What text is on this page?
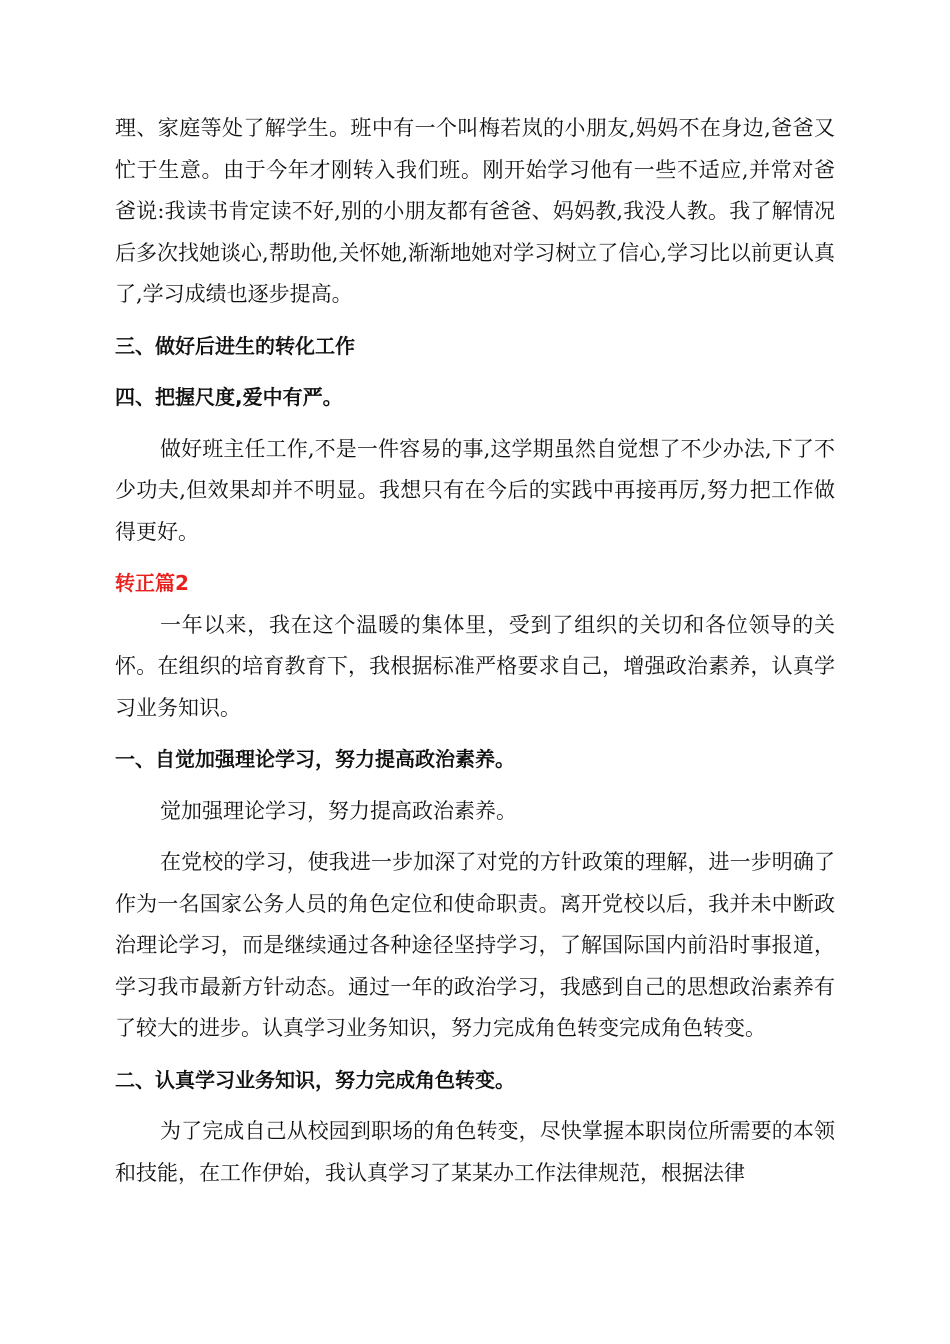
理、家庭等处了解学生。班中有一个叫梅若岚的小朋友,妈妈不在身边,爸爸又忙于生意。由于今年才刚转入我们班。刚开始学习他有一些不适应,并常对爸爸说:我读书肯定读不好,别的小朋友都有爸爸、妈妈教,我没人教。我了解情况后多次找她谈心,帮助他,关怀她,渐渐地她对学习树立了信心,学习比以前更认真了,学习成绩也逐步提高。

三、做好后进生的转化工作

四、把握尺度,爱中有严。

做好班主任工作,不是一件容易的事,这学期虽然自觉想了不少办法,下了不少功夫,但效果却并不明显。我想只有在今后的实践中再接再厉,努力把工作做得更好。

转正篇2

一年以来，我在这个温暖的集体里，受到了组织的关切和各位领导的关怀。在组织的培育教育下，我根据标准严格要求自己，增强政治素养，认真学习业务知识。

一、自觉加强理论学习，努力提高政治素养。

觉加强理论学习，努力提高政治素养。

在党校的学习，使我进一步加深了对党的方针政策的理解，进一步明确了作为一名国家公务人员的角色定位和使命职责。离开党校以后，我并未中断政治理论学习，而是继续通过各种途径坚持学习，了解国际国内前沿时事报道，学习我市最新方针动态。通过一年的政治学习，我感到自己的思想政治素养有了较大的进步。认真学习业务知识，努力完成角色转变完成角色转变。

二、认真学习业务知识，努力完成角色转变。

为了完成自己从校园到职场的角色转变，尽快掌握本职岗位所需要的本领和技能，在工作伊始，我认真学习了某某办工作法律规范，根据法律
